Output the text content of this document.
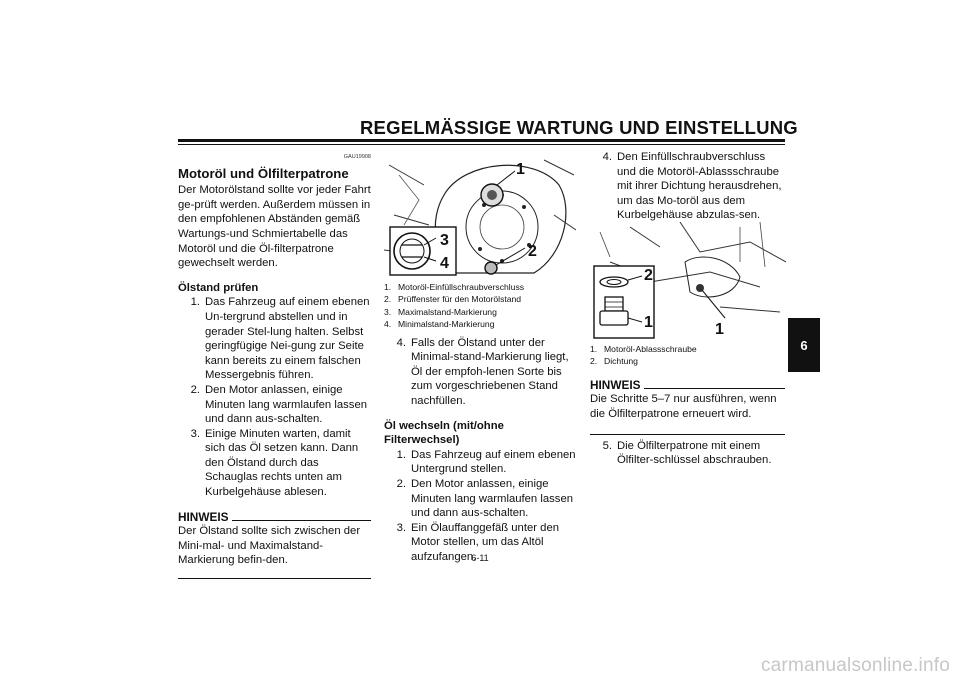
REGELMÄSSIGE WARTUNG UND EINSTELLUNG

GAU19908

Motoröl und Ölfilterpatrone

Der Motorölstand sollte vor jeder Fahrt ge-prüft werden. Außerdem müssen in den empfohlenen Abständen gemäß Wartungs-und Schmiertabelle das Motoröl und die Öl-filterpatrone gewechselt werden.

Ölstand prüfen

1. Das Fahrzeug auf einem ebenen Un-tergrund abstellen und in gerader Stel-lung halten. Selbst geringfügige Nei-gung zur Seite kann bereits zu einem falschen Messergebnis führen.
2. Den Motor anlassen, einige Minuten lang warmlaufen lassen und dann aus-schalten.
3. Einige Minuten warten, damit sich das Öl setzen kann. Dann den Ölstand durch das Schauglas rechts unten am Kurbelgehäuse ablesen.
HINWEIS

Der Ölstand sollte sich zwischen der Mini-mal- und Maximalstand-Markierung befin-den.

1
2
3
4
1. Motoröl-Einfüllschraubverschluss
2. Prüffenster für den Motorölstand
3. Maximalstand-Markierung
4. Minimalstand-Markierung
4. Falls der Ölstand unter der Minimal-stand-Markierung liegt, Öl der empfoh-lenen Sorte bis zum vorgeschriebenen Stand nachfüllen.

Öl wechseln (mit/ohne Filterwechsel)

1. Das Fahrzeug auf einem ebenen Untergrund stellen.
2. Den Motor anlassen, einige Minuten lang warmlaufen lassen und dann aus-schalten.
3. Ein Ölauffanggefäß unter den Motor stellen, um das Altöl aufzufangen.
4. Den Einfüllschraubverschluss und die Motoröl-Ablassschraube mit ihrer Dichtung herausdrehen, um das Mo-toröl aus dem Kurbelgehäuse abzulas-sen.
2
1	1
1. Motoröl-Ablassschraube
2. Dichtung
HINWEIS

Die Schritte 5–7 nur ausführen, wenn die Ölfilterpatrone erneuert wird.

5. Die Ölfilterpatrone mit einem Ölfilter-schlüssel abschrauben.
6
6-11
carmanualsonline.info
